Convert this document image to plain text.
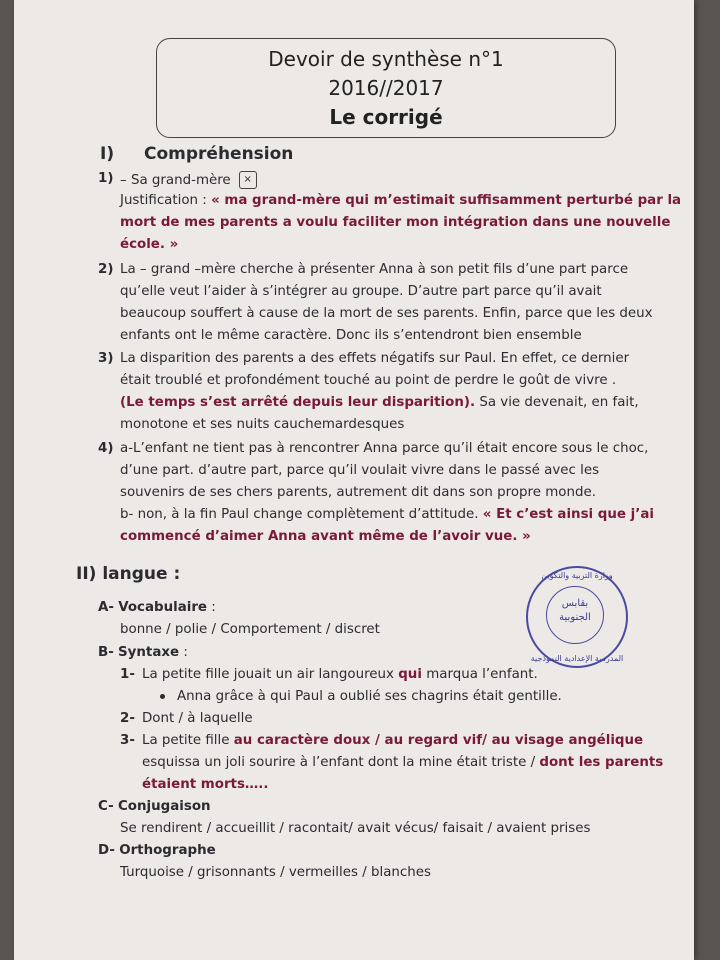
Devoir de synthèse n°1
2016//2017
Le corrigé
I) Compréhension
1) – Sa grand-mère ×
Justification : « ma grand-mère qui m’estimait suffisamment perturbé par la
mort de mes parents a voulu faciliter mon intégration dans une nouvelle
école. »
2) La – grand –mère cherche à présenter Anna à son petit fils d’une part parce
qu’elle veut l’aider à s’intégrer au groupe. D’autre part parce qu’il avait
beaucoup souffert à cause de la mort de ses parents. Enfin, parce que les deux
enfants ont le même caractère. Donc ils s’entendront bien ensemble
3) La disparition des parents a des effets négatifs sur Paul. En effet, ce dernier
était troublé et profondément touché au point de perdre le goût de vivre .
(Le temps s’est arrêté depuis leur disparition). Sa vie devenait, en fait,
monotone et ses nuits cauchemardesques
4) a-L’enfant ne tient pas à rencontrer Anna parce qu’il était encore sous le choc,
d’une part. d’autre part, parce qu’il voulait vivre dans le passé avec les
souvenirs de ses chers parents, autrement dit dans son propre monde.
b- non, à la fin Paul change complètement d’attitude. « Et c’est ainsi que j’ai
commencé d’aimer Anna avant même de l’avoir vue. »
II) langue :	وزارة التربية والتكوين
بقابس
الجنوبية
المدرسة الإعدادية النموذجية
A- Vocabulaire :
bonne / polie / Comportement / discret
B- Syntaxe :
1- La petite fille jouait un air langoureux qui marqua l’enfant.
Anna grâce à qui Paul a oublié ses chagrins était gentille.
2- Dont / à laquelle
3- La petite fille au caractère doux / au regard vif/ au visage angélique
esquissa un joli sourire à l’enfant dont la mine était triste / dont les parents
étaient morts…..
C- Conjugaison
Se rendirent / accueillit / racontait/ avait vécus/ faisait / avaient prises
D- Orthographe
Turquoise / grisonnants / vermeilles / blanches
